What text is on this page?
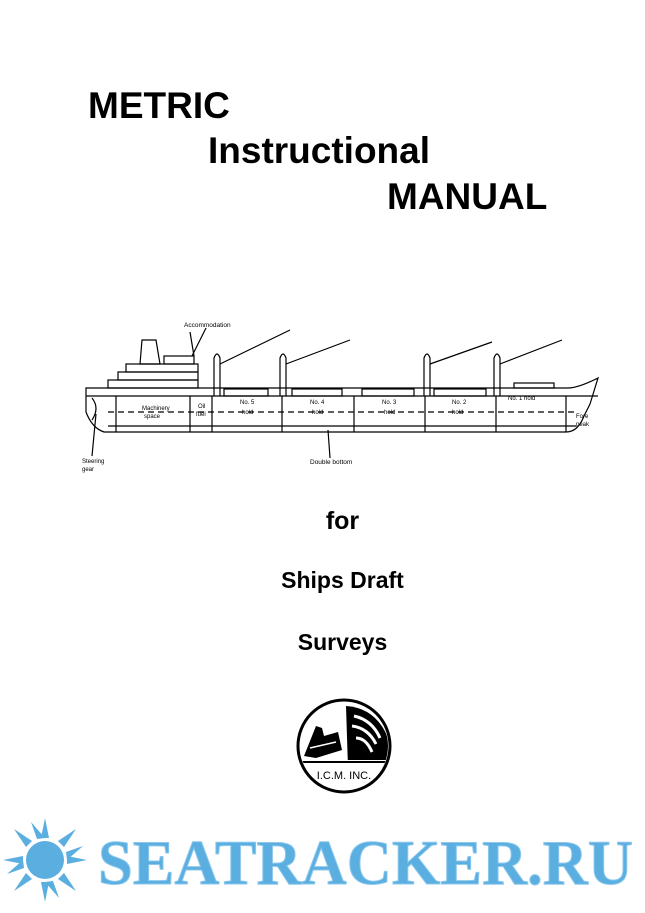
METRIC
Instructional
MANUAL
Accommodation
Machinery
space
Oil
fuel
No. 5
hold
No. 4
hold
No. 3
hold
No. 2
hold
No. 1 hold
Fore
peak
Steering
gear
Double bottom

for

Ships Draft

Surveys

I.C.M. INC.
SEATRACKER.RU
